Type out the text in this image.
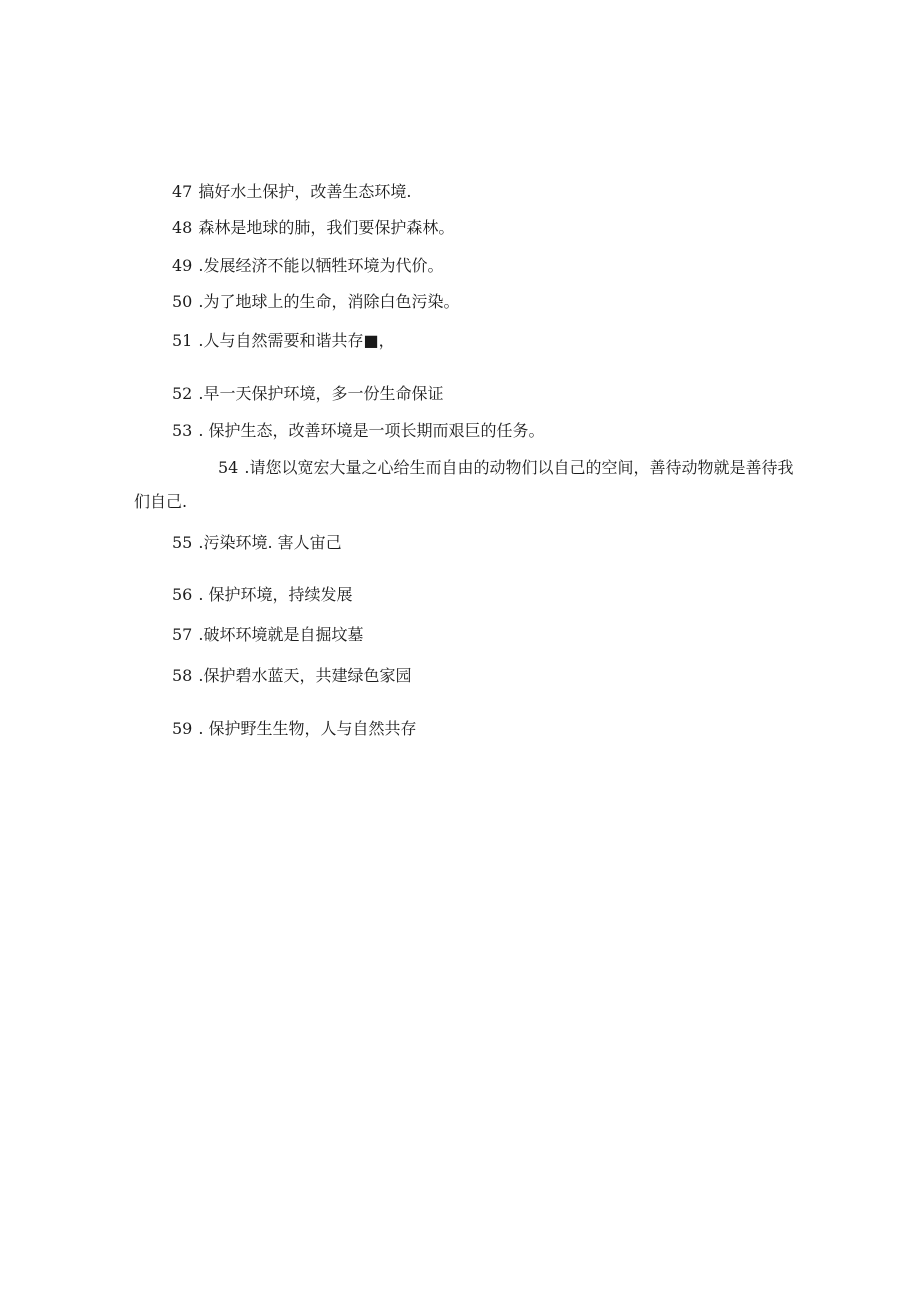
47 搞好水土保护，改善生态环境.
48 森林是地球的肺，我们要保护森林。
49 .发展经济不能以牺牲环境为代价。
50 .为了地球上的生命，消除白色污染。
51 .人与自然需要和谐共存■，
52 .早一天保护环境，多一份生命保证
53 . 保护生态，改善环境是一项长期而艰巨的任务。
54 .请您以宽宏大量之心给生而自由的动物们以自己的空间，善待动物就是善待我们自己.
55 .污染环境. 害人宙己
56 . 保护环境，持续发展
57 .破坏环境就是自掘坟墓
58 .保护碧水蓝天，共建绿色家园
59 . 保护野生生物，人与自然共存
